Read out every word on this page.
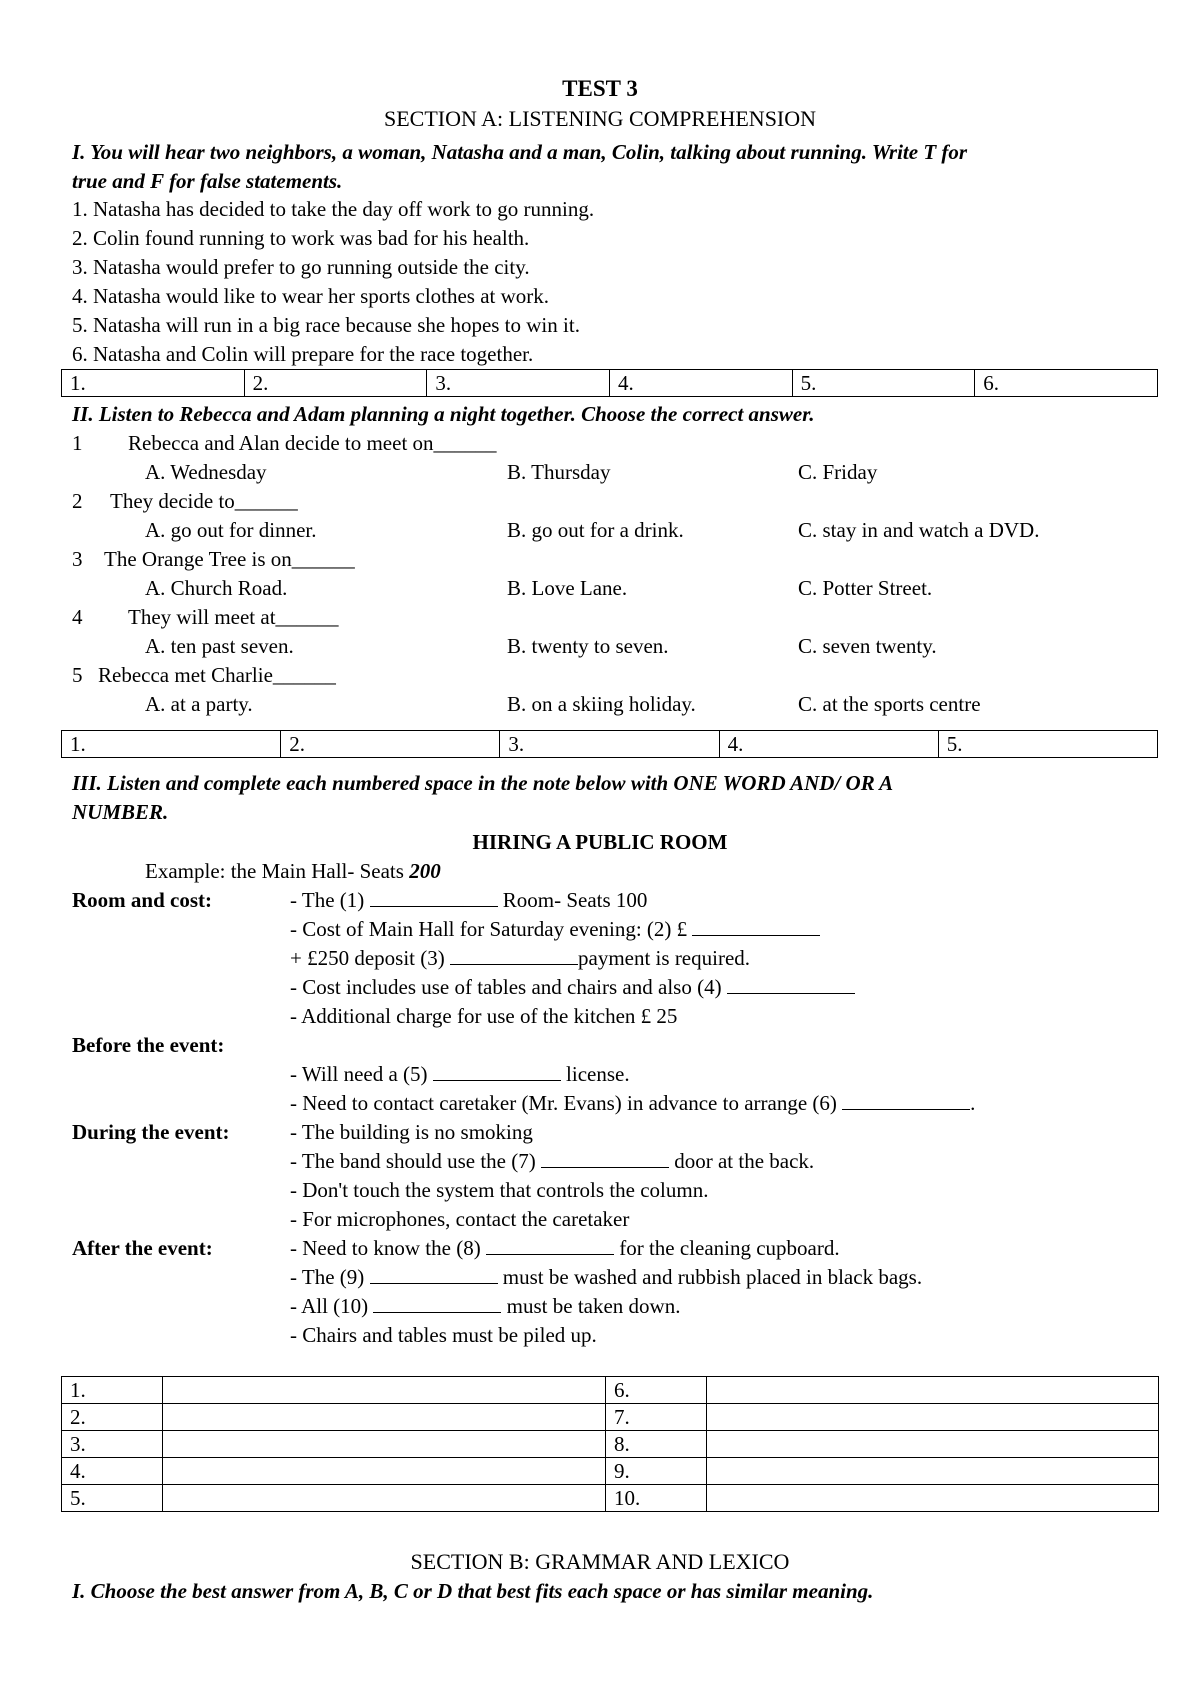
TEST 3
SECTION A: LISTENING COMPREHENSION
I. You will hear two neighbors, a woman, Natasha and a man, Colin, talking about running. Write T for
true and F for false statements.
1. Natasha has decided to take the day off work to go running.
2. Colin found running to work was bad for his health.
3. Natasha would prefer to go running outside the city.
4. Natasha would like to wear her sports clothes at work.
5. Natasha will run in a big race because she hopes to win it.
6. Natasha and Colin will prepare for the race together.
1.	2.	3.	4.	5.	6.
II. Listen to Rebecca and Adam planning a night together. Choose the correct answer.
1 Rebecca and Alan decide to meet on______
A. Wednesday	B. Thursday	C. Friday
2 They decide to______
A. go out for dinner.	B. go out for a drink.	C. stay in and watch a DVD.
3 The Orange Tree is on______
A. Church Road.	B. Love Lane.	C. Potter Street.
4 They will meet at______
A. ten past seven.	B. twenty to seven.	C. seven twenty.
5 Rebecca met Charlie______
A. at a party.	B. on a skiing holiday.	C. at the sports centre
1.	2.	3.	4.	5.
III. Listen and complete each numbered space in the note below with ONE WORD AND/ OR A
NUMBER.
HIRING A PUBLIC ROOM
Example: the Main Hall- Seats 200
Room and cost:	- The (1)	Room- Seats 100
- Cost of Main Hall for Saturday evening: (2) £
+ £250 deposit (3)	payment is required.
- Cost includes use of tables and chairs and also (4)
- Additional charge for use of the kitchen £ 25
Before the event:
- Will need a (5)	license.
- Need to contact caretaker (Mr. Evans) in advance to arrange (6)	.
During the event:	- The building is no smoking
- The band should use the (7)	door at the back.
- Don't touch the system that controls the column.
- For microphones, contact the caretaker
After the event:	- Need to know the (8)	for the cleaning cupboard.
- The (9)	must be washed and rubbish placed in black bags.
- All (10)	must be taken down.
- Chairs and tables must be piled up.
1.		6.	
2.		7.	
3.		8.	
4.		9.	
5.		10.	
SECTION B: GRAMMAR AND LEXICO
I. Choose the best answer from A, B, C or D that best fits each space or has similar meaning.
